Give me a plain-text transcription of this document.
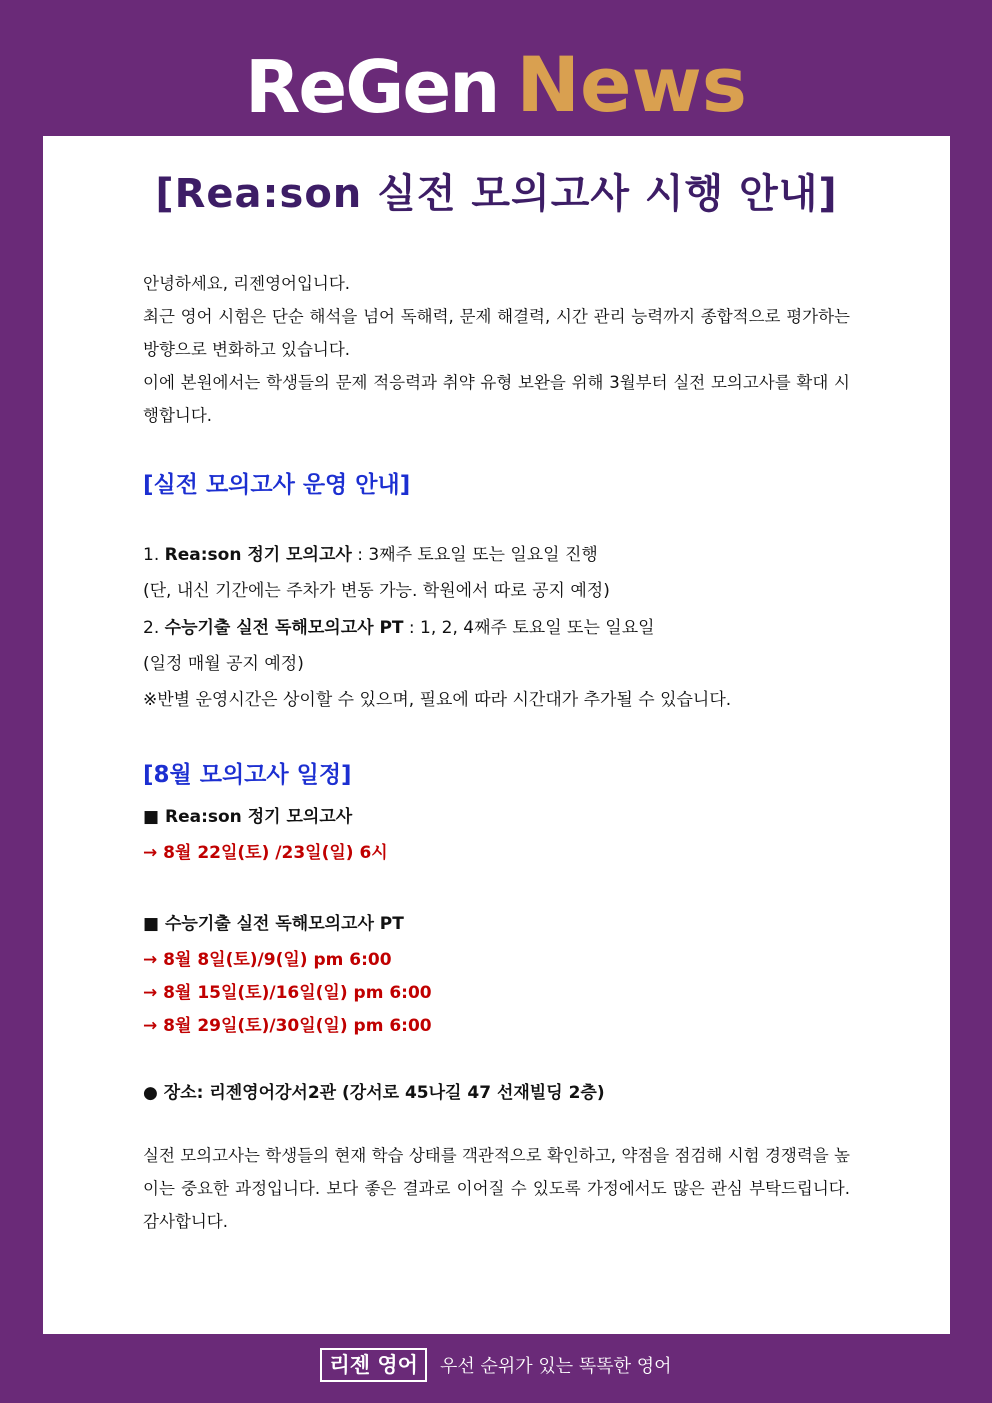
ReGen News
[Rea:son 실전 모의고사 시행 안내]

안녕하세요, 리젠영어입니다.

최근 영어 시험은 단순 해석을 넘어 독해력, 문제 해결력, 시간 관리 능력까지 종합적으로 평가하는 방향으로 변화하고 있습니다.

이에 본원에서는 학생들의 문제 적응력과 취약 유형 보완을 위해 3월부터 실전 모의고사를 확대 시행합니다.

[실전 모의고사 운영 안내]
1. Rea:son 정기 모의고사 : 3째주 토요일 또는 일요일 진행
(단, 내신 기간에는 주차가 변동 가능. 학원에서 따로 공지 예정)
2. 수능기출 실전 독해모의고사 PT : 1, 2, 4째주 토요일 또는 일요일
(일정 매월 공지 예정)
※반별 운영시간은 상이할 수 있으며, 필요에 따라 시간대가 추가될 수 있습니다.
[8월 모의고사 일정]
■ Rea:son 정기 모의고사
→ 8월 22일(토) /23일(일) 6시
■ 수능기출 실전 독해모의고사 PT
→ 8월 8일(토)/9(일) pm 6:00
→ 8월 15일(토)/16일(일) pm 6:00
→ 8월 29일(토)/30일(일) pm 6:00
● 장소: 리젠영어강서2관 (강서로 45나길 47 선재빌딩 2층)

실전 모의고사는 학생들의 현재 학습 상태를 객관적으로 확인하고, 약점을 점검해 시험 경쟁력을 높이는 중요한 과정입니다. 보다 좋은 결과로 이어질 수 있도록 가정에서도 많은 관심 부탁드립니다. 감사합니다.

리젠 영어 우선 순위가 있는 똑똑한 영어
